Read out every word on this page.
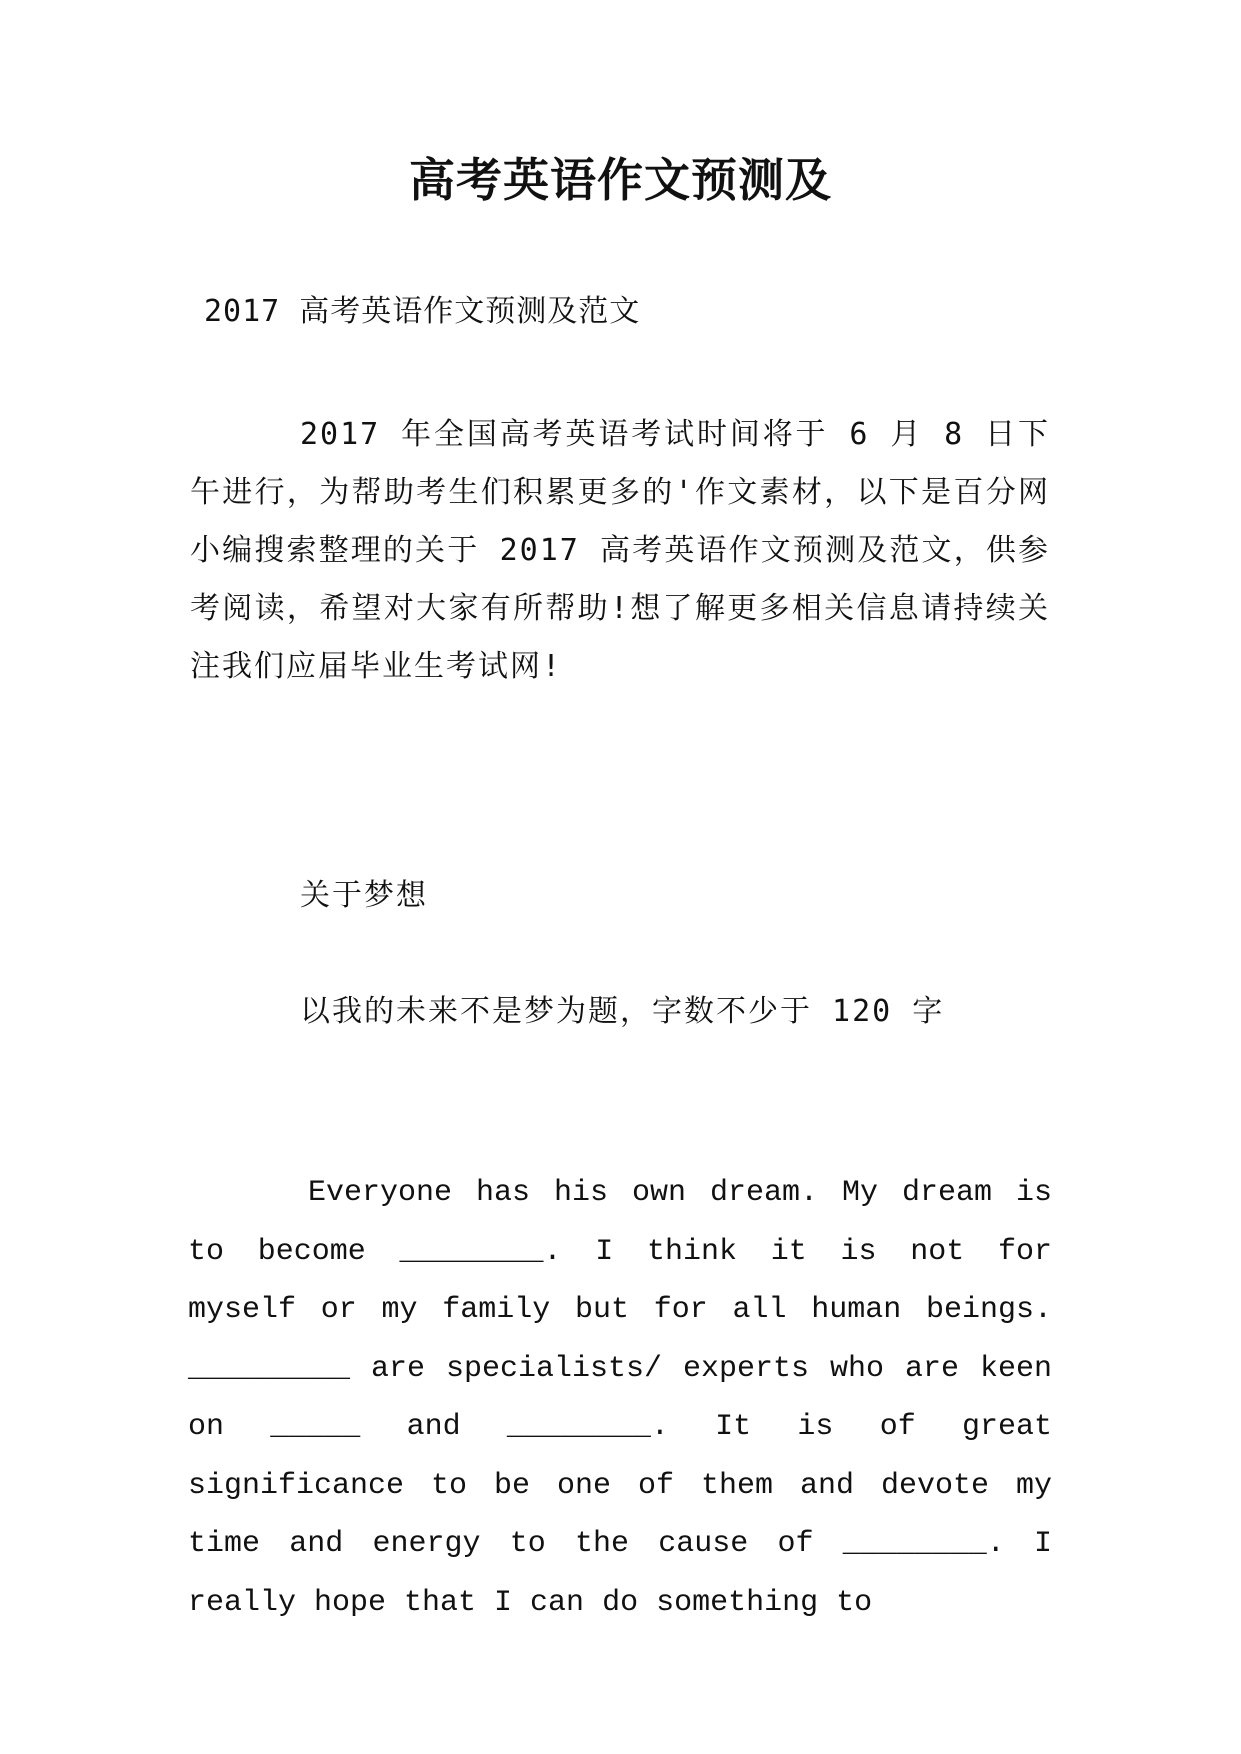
高考英语作文预测及
2017 高考英语作文预测及范文
2017 年全国高考英语考试时间将于 6 月 8 日下午进行，为帮助考生们积累更多的'作文素材，以下是百分网小编搜索整理的关于 2017 高考英语作文预测及范文，供参考阅读，希望对大家有所帮助!想了解更多相关信息请持续关注我们应届毕业生考试网!
关于梦想
以我的未来不是梦为题，字数不少于 120 字
Everyone has his own dream. My dream is to become ________. I think it is not for myself or my family but for all human beings. _________ are specialists/ experts who are keen on _____ and ________. It is of great significance to be one of them and devote my time and energy to the cause of ________. I really hope that I can do something to
